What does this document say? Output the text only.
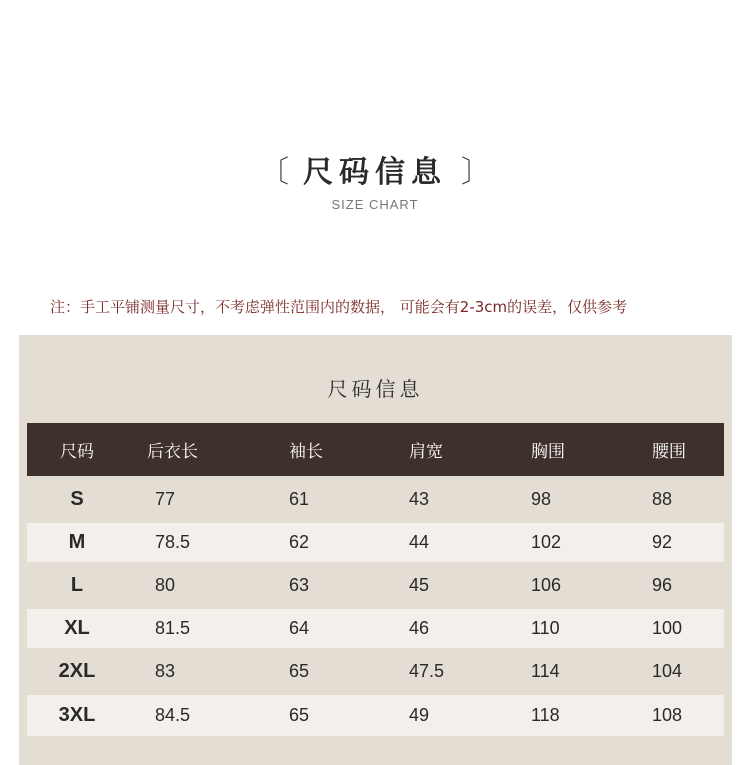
〔 尺码信息 〕
SIZE CHART
注：手工平铺测量尺寸，不考虑弹性范围内的数据， 可能会有2-3cm的误差，仅供参考
尺码信息
尺码	后衣长	袖长	肩宽	胸围	腰围
S	77	61	43	98	88
M	78.5	62	44	102	92
L	80	63	45	106	96
XL	81.5	64	46	110	100
2XL	83	65	47.5	114	104
3XL	84.5	65	49	118	108
